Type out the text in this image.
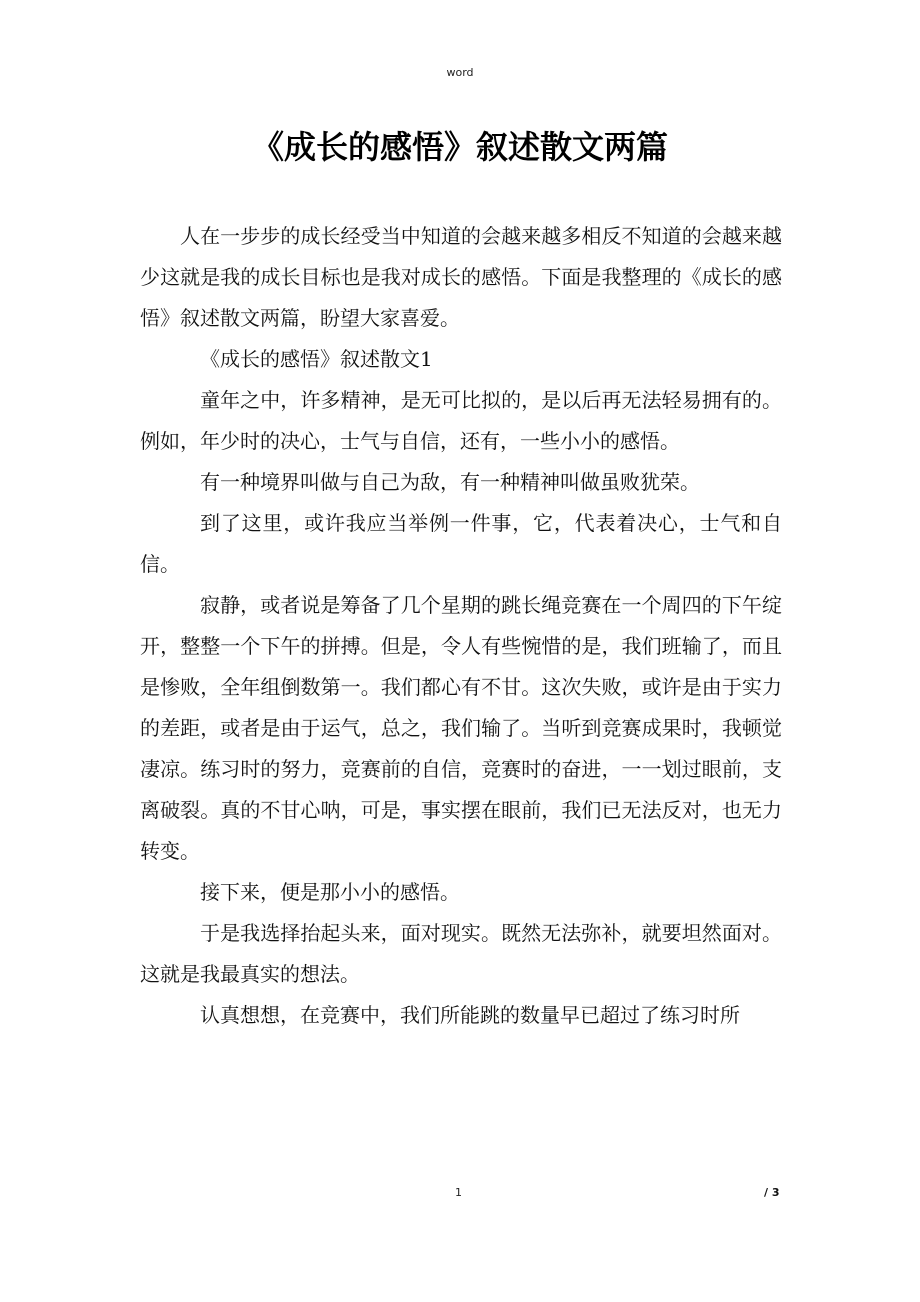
word
《成长的感悟》叙述散文两篇

人在一步步的成长经受当中知道的会越来越多相反不知道的会越来越少这就是我的成长目标也是我对成长的感悟。下面是我整理的《成长的感悟》叙述散文两篇，盼望大家喜爱。

《成长的感悟》叙述散文1

童年之中，许多精神，是无可比拟的，是以后再无法轻易拥有的。例如，年少时的决心，士气与自信，还有，一些小小的感悟。

有一种境界叫做与自己为敌，有一种精神叫做虽败犹荣。

到了这里，或许我应当举例一件事，它，代表着决心，士气和自信。

寂静，或者说是筹备了几个星期的跳长绳竞赛在一个周四的下午绽开，整整一个下午的拼搏。但是，令人有些惋惜的是，我们班输了，而且是惨败，全年组倒数第一。我们都心有不甘。这次失败，或许是由于实力的差距，或者是由于运气，总之，我们输了。当听到竞赛成果时，我顿觉凄凉。练习时的努力，竞赛前的自信，竞赛时的奋进，一一划过眼前，支离破裂。真的不甘心呐，可是，事实摆在眼前，我们已无法反对，也无力转变。

接下来，便是那小小的感悟。

于是我选择抬起头来，面对现实。既然无法弥补，就要坦然面对。这就是我最真实的想法。

认真想想，在竞赛中，我们所能跳的数量早已超过了练习时所

1	/ 3
